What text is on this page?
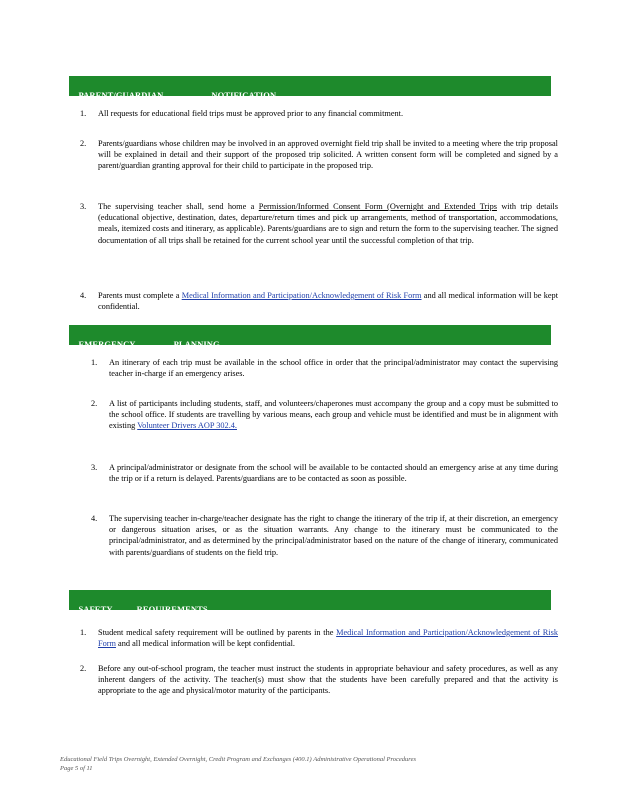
PARENT/GUARDIAN	NOTIFICATION

1. All requests for educational field trips must be approved prior to any financial commitment.
2. Parents/guardians whose children may be involved in an approved overnight field trip shall be invited to a meeting where the trip proposal will be explained in detail and their support of the proposed trip solicited. A written consent form will be completed and signed by a parent/guardian granting approval for their child to participate in the proposed trip.
3. The supervising teacher shall, send home a Permission/Informed Consent Form (Overnight and Extended Trips with trip details (educational objective, destination, dates, departure/return times and pick up arrangements, method of transportation, accommodations, meals, itemized costs and itinerary, as applicable). Parents/guardians are to sign and return the form to the supervising teacher. The signed documentation of all trips shall be retained for the current school year until the successful completion of that trip.
4. Parents must complete a Medical Information and Participation/Acknowledgement of Risk Form and all medical information will be kept confidential.

EMERGENCY	PLANNING

1. An itinerary of each trip must be available in the school office in order that the principal/administrator may contact the supervising teacher in-charge if an emergency arises.
2. A list of participants including students, staff, and volunteers/chaperones must accompany the group and a copy must be submitted to the school office. If students are travelling by various means, each group and vehicle must be identified and must be in alignment with existing Volunteer Drivers AOP 302.4.
3. A principal/administrator or designate from the school will be available to be contacted should an emergency arise at any time during the trip or if a return is delayed. Parents/guardians are to be contacted as soon as possible.
4. The supervising teacher in-charge/teacher designate has the right to change the itinerary of the trip if, at their discretion, an emergency or dangerous situation arises, or as the situation warrants. Any change to the itinerary must be communicated to the principal/administrator, and as determined by the principal/administrator based on the nature of the change of itinerary, communicated with parents/guardians of students on the field trip.

SAFETY	REQUIREMENTS

1. Student medical safety requirement will be outlined by parents in the Medical Information and Participation/Acknowledgement of Risk Form and all medical information will be kept confidential.
2. Before any out-of-school program, the teacher must instruct the students in appropriate behaviour and safety procedures, as well as any inherent dangers of the activity. The teacher(s) must show that the students have been carefully prepared and that the activity is appropriate to the age and physical/motor maturity of the participants.
Educational Field Trips Overnight, Extended Overnight, Credit Program and Exchanges (400.1) Administrative Operational Procedures
Page 5 of 11
